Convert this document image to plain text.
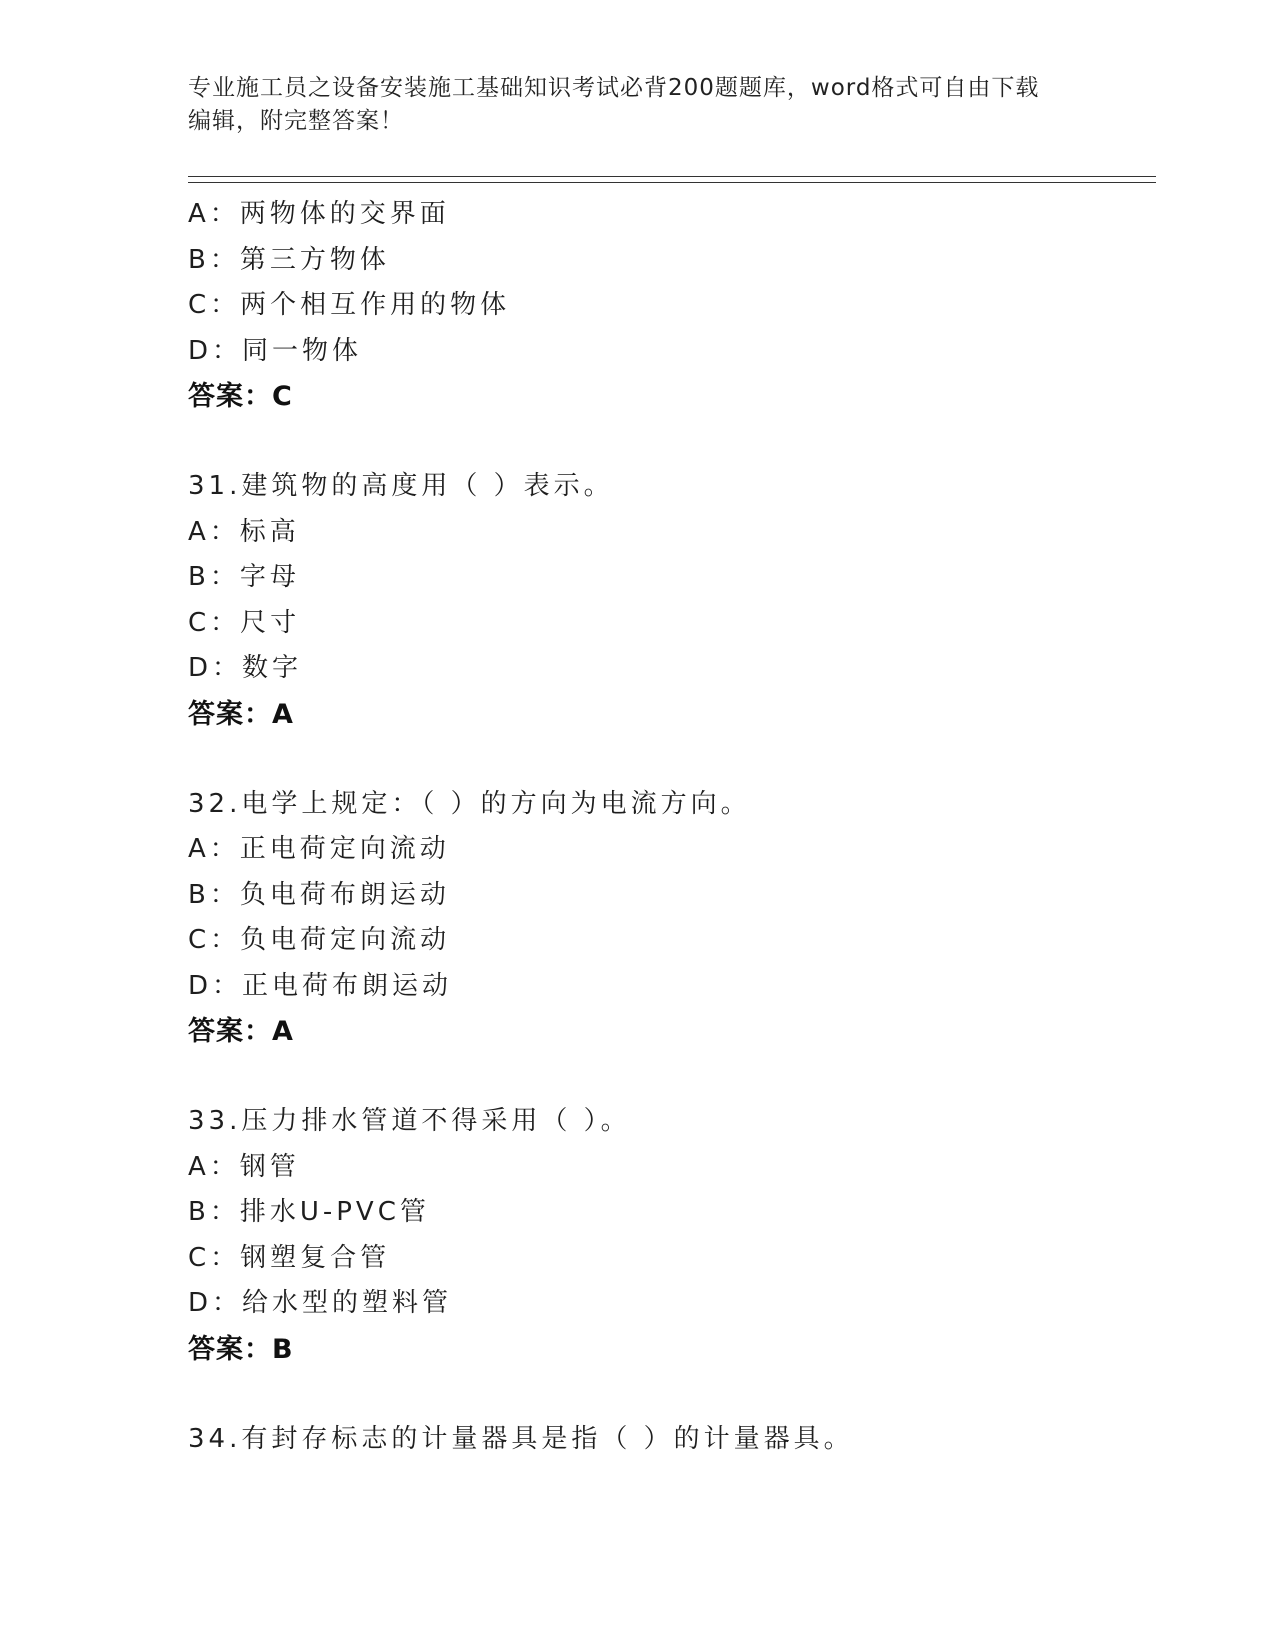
专业施工员之设备安装施工基础知识考试必背200题题库，word格式可自由下载
编辑，附完整答案！
A：两物体的交界面
B：第三方物体
C：两个相互作用的物体
D：同一物体
答案：C
31.建筑物的高度用（ ）表示。
A：标高
B：字母
C：尺寸
D：数字
答案：A
32.电学上规定：（ ）的方向为电流方向。
A：正电荷定向流动
B：负电荷布朗运动
C：负电荷定向流动
D：正电荷布朗运动
答案：A
33.压力排水管道不得采用（ ）。
A：钢管
B：排水U-PVC管
C：钢塑复合管
D：给水型的塑料管
答案：B
34.有封存标志的计量器具是指（ ）的计量器具。
